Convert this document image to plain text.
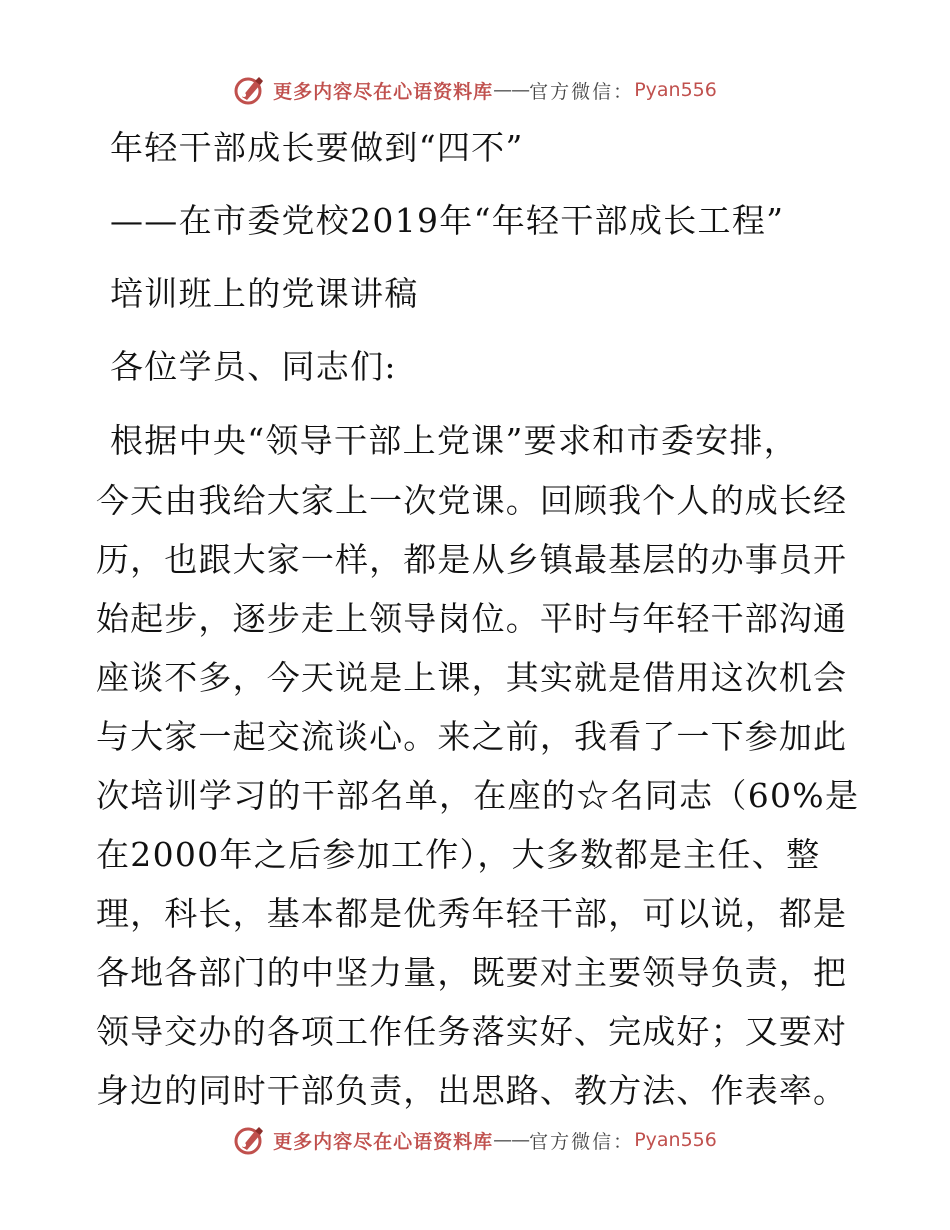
更多内容尽在心语资料库 —— 官方微信： Pyan556
年轻干部成长要做到“四不”
——在市委党校2019年“年轻干部成长工程”
培训班上的党课讲稿
各位学员、同志们:
根据中央“领导干部上党课”要求和市委安排，
今天由我给大家上一次党课。回顾我个人的成长经
历，也跟大家一样，都是从乡镇最基层的办事员开
始起步，逐步走上领导岗位。平时与年轻干部沟通
座谈不多，今天说是上课，其实就是借用这次机会
与大家一起交流谈心。来之前，我看了一下参加此
次培训学习的干部名单，在座的☆名同志（60%是
在2000年之后参加工作），大多数都是主任、整
理，科长，基本都是优秀年轻干部，可以说，都是
各地各部门的中坚力量，既要对主要领导负责，把
领导交办的各项工作任务落实好、完成好；又要对
身边的同时干部负责，出思路、教方法、作表率。
更多内容尽在心语资料库 —— 官方微信： Pyan556
